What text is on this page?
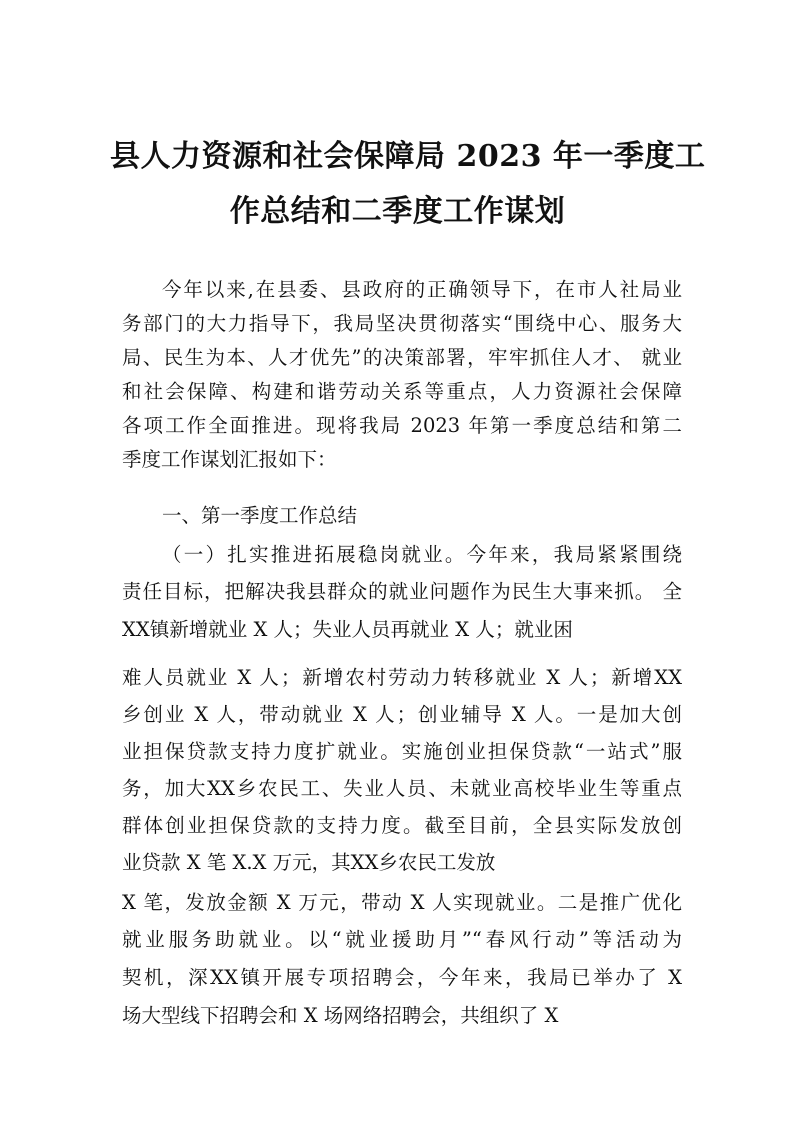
县人力资源和社会保障局 2023 年一季度工
作总结和二季度工作谋划
今年以来,在县委、县政府的正确领导下，在市人社局业
务部门的大力指导下，我局坚决贯彻落实“围绕中心、服务大
局、民生为本、人才优先”的决策部署，牢牢抓住人才、 就业
和社会保障、构建和谐劳动关系等重点，人力资源社会保障
各项工作全面推进。现将我局 2023 年第一季度总结和第二
季度工作谋划汇报如下：
一、第一季度工作总结
（一）扎实推进拓展稳岗就业。今年来，我局紧紧围绕
责任目标，把解决我县群众的就业问题作为民生大事来抓。 全
XX镇新增就业 X 人；失业人员再就业 X 人；就业困
难人员就业 X 人；新增农村劳动力转移就业 X 人；新增XX
乡创业 X 人，带动就业 X 人；创业辅导 X 人。一是加大创
业担保贷款支持力度扩就业。实施创业担保贷款“一站式”服
务，加大XX乡农民工、失业人员、未就业高校毕业生等重点
群体创业担保贷款的支持力度。截至目前，全县实际发放创
业贷款 X 笔 X.X 万元，其XX乡农民工发放
X 笔，发放金额 X 万元，带动 X 人实现就业。二是推广优化
就业服务助就业。以“就业援助月”“春风行动”等活动为
契机，深XX镇开展专项招聘会，今年来，我局已举办了 X
场大型线下招聘会和 X 场网络招聘会，共组织了 X
